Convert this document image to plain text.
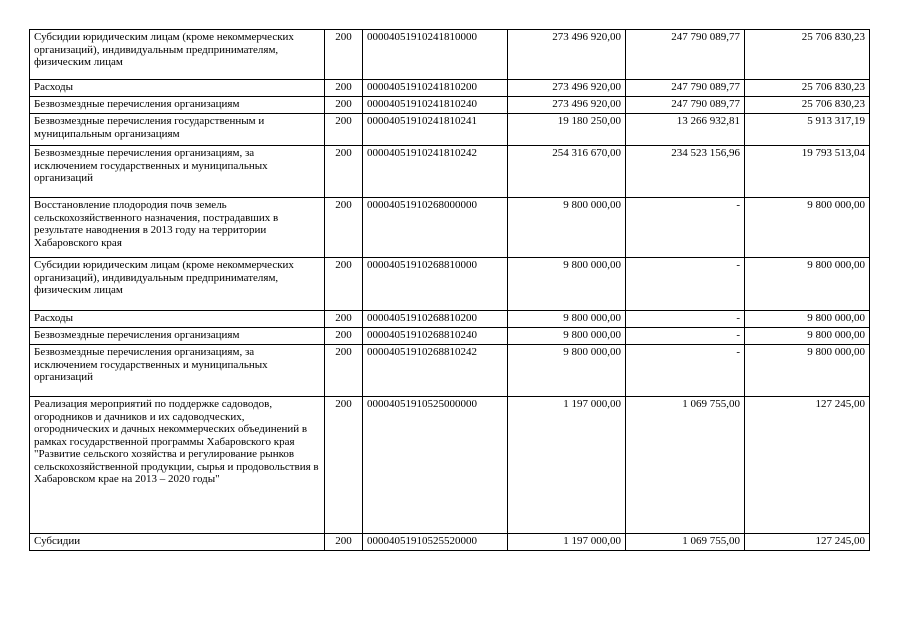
Субсидии юридическим лицам (кроме некоммерческих организаций), индивидуальным предпринимателям, физическим лицам	200	00004051910241810000	273 496 920,00	247 790 089,77	25 706 830,23
Расходы	200	00004051910241810200	273 496 920,00	247 790 089,77	25 706 830,23
Безвозмездные перечисления организациям	200	00004051910241810240	273 496 920,00	247 790 089,77	25 706 830,23
Безвозмездные перечисления государственным и муниципальным организациям	200	00004051910241810241	19 180 250,00	13 266 932,81	5 913 317,19
Безвозмездные перечисления организациям, за исключением государственных и муниципальных организаций	200	00004051910241810242	254 316 670,00	234 523 156,96	19 793 513,04
Восстановление плодородия почв земель сельскохозяйственного назначения, пострадавших в результате наводнения в 2013 году на территории Хабаровского края	200	00004051910268000000	9 800 000,00	-	9 800 000,00
Субсидии юридическим лицам (кроме некоммерческих организаций), индивидуальным предпринимателям, физическим лицам	200	00004051910268810000	9 800 000,00	-	9 800 000,00
Расходы	200	00004051910268810200	9 800 000,00	-	9 800 000,00
Безвозмездные перечисления организациям	200	00004051910268810240	9 800 000,00	-	9 800 000,00
Безвозмездные перечисления организациям, за исключением государственных и муниципальных организаций	200	00004051910268810242	9 800 000,00	-	9 800 000,00
Реализация мероприятий по поддержке садоводов, огородников и дачников и их садоводческих, огороднических и дачных некоммерческих объединений в рамках государственной программы Хабаровского края "Развитие сельского хозяйства и регулирование рынков сельскохозяйственной продукции, сырья и продовольствия в Хабаровском крае на 2013 – 2020 годы"	200	00004051910525000000	1 197 000,00	1 069 755,00	127 245,00
Субсидии	200	00004051910525520000	1 197 000,00	1 069 755,00	127 245,00
